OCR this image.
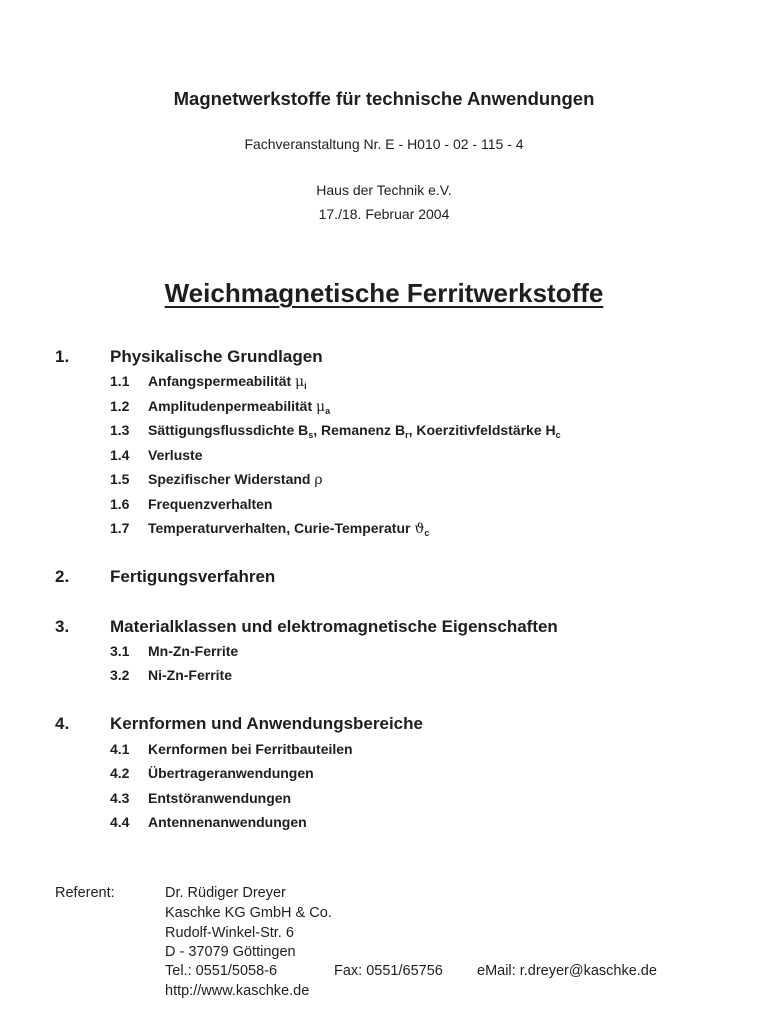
Magnetwerkstoffe für technische Anwendungen
Fachveranstaltung Nr. E - H010 - 02 - 115 - 4
Haus der Technik e.V.
17./18. Februar 2004
Weichmagnetische Ferritwerkstoffe
1. Physikalische Grundlagen
1.1 Anfangspermeabilität $\mu_i$
1.2 Amplitudenpermeabilität $\mu_a$
1.3 Sättigungsflussdichte $B_s$, Remanenz $B_r$, Koerzitivfeldstärke $H_c$
1.4 Verluste
1.5 Spezifischer Widerstand ρ
1.6 Frequenzverhalten
1.7 Temperaturverhalten, Curie-Temperatur $ϑ_c$
2. Fertigungsverfahren
3. Materialklassen und elektromagnetische Eigenschaften
3.1 Mn-Zn-Ferrite
3.2 Ni-Zn-Ferrite
4. Kernformen und Anwendungsbereiche
4.1 Kernformen bei Ferritbauteilen
4.2 Übertrageranwendungen
4.3 Entstöranwendungen
4.4 Antennenanwendungen
Referent:	Dr. Rüdiger Dreyer
Kaschke KG GmbH & Co.
Rudolf-Winkel-Str. 6
D - 37079 Göttingen
Tel.: 0551/5058-6	Fax: 0551/65756 eMail: r.dreyer@kaschke.de
http://www.kaschke.de
